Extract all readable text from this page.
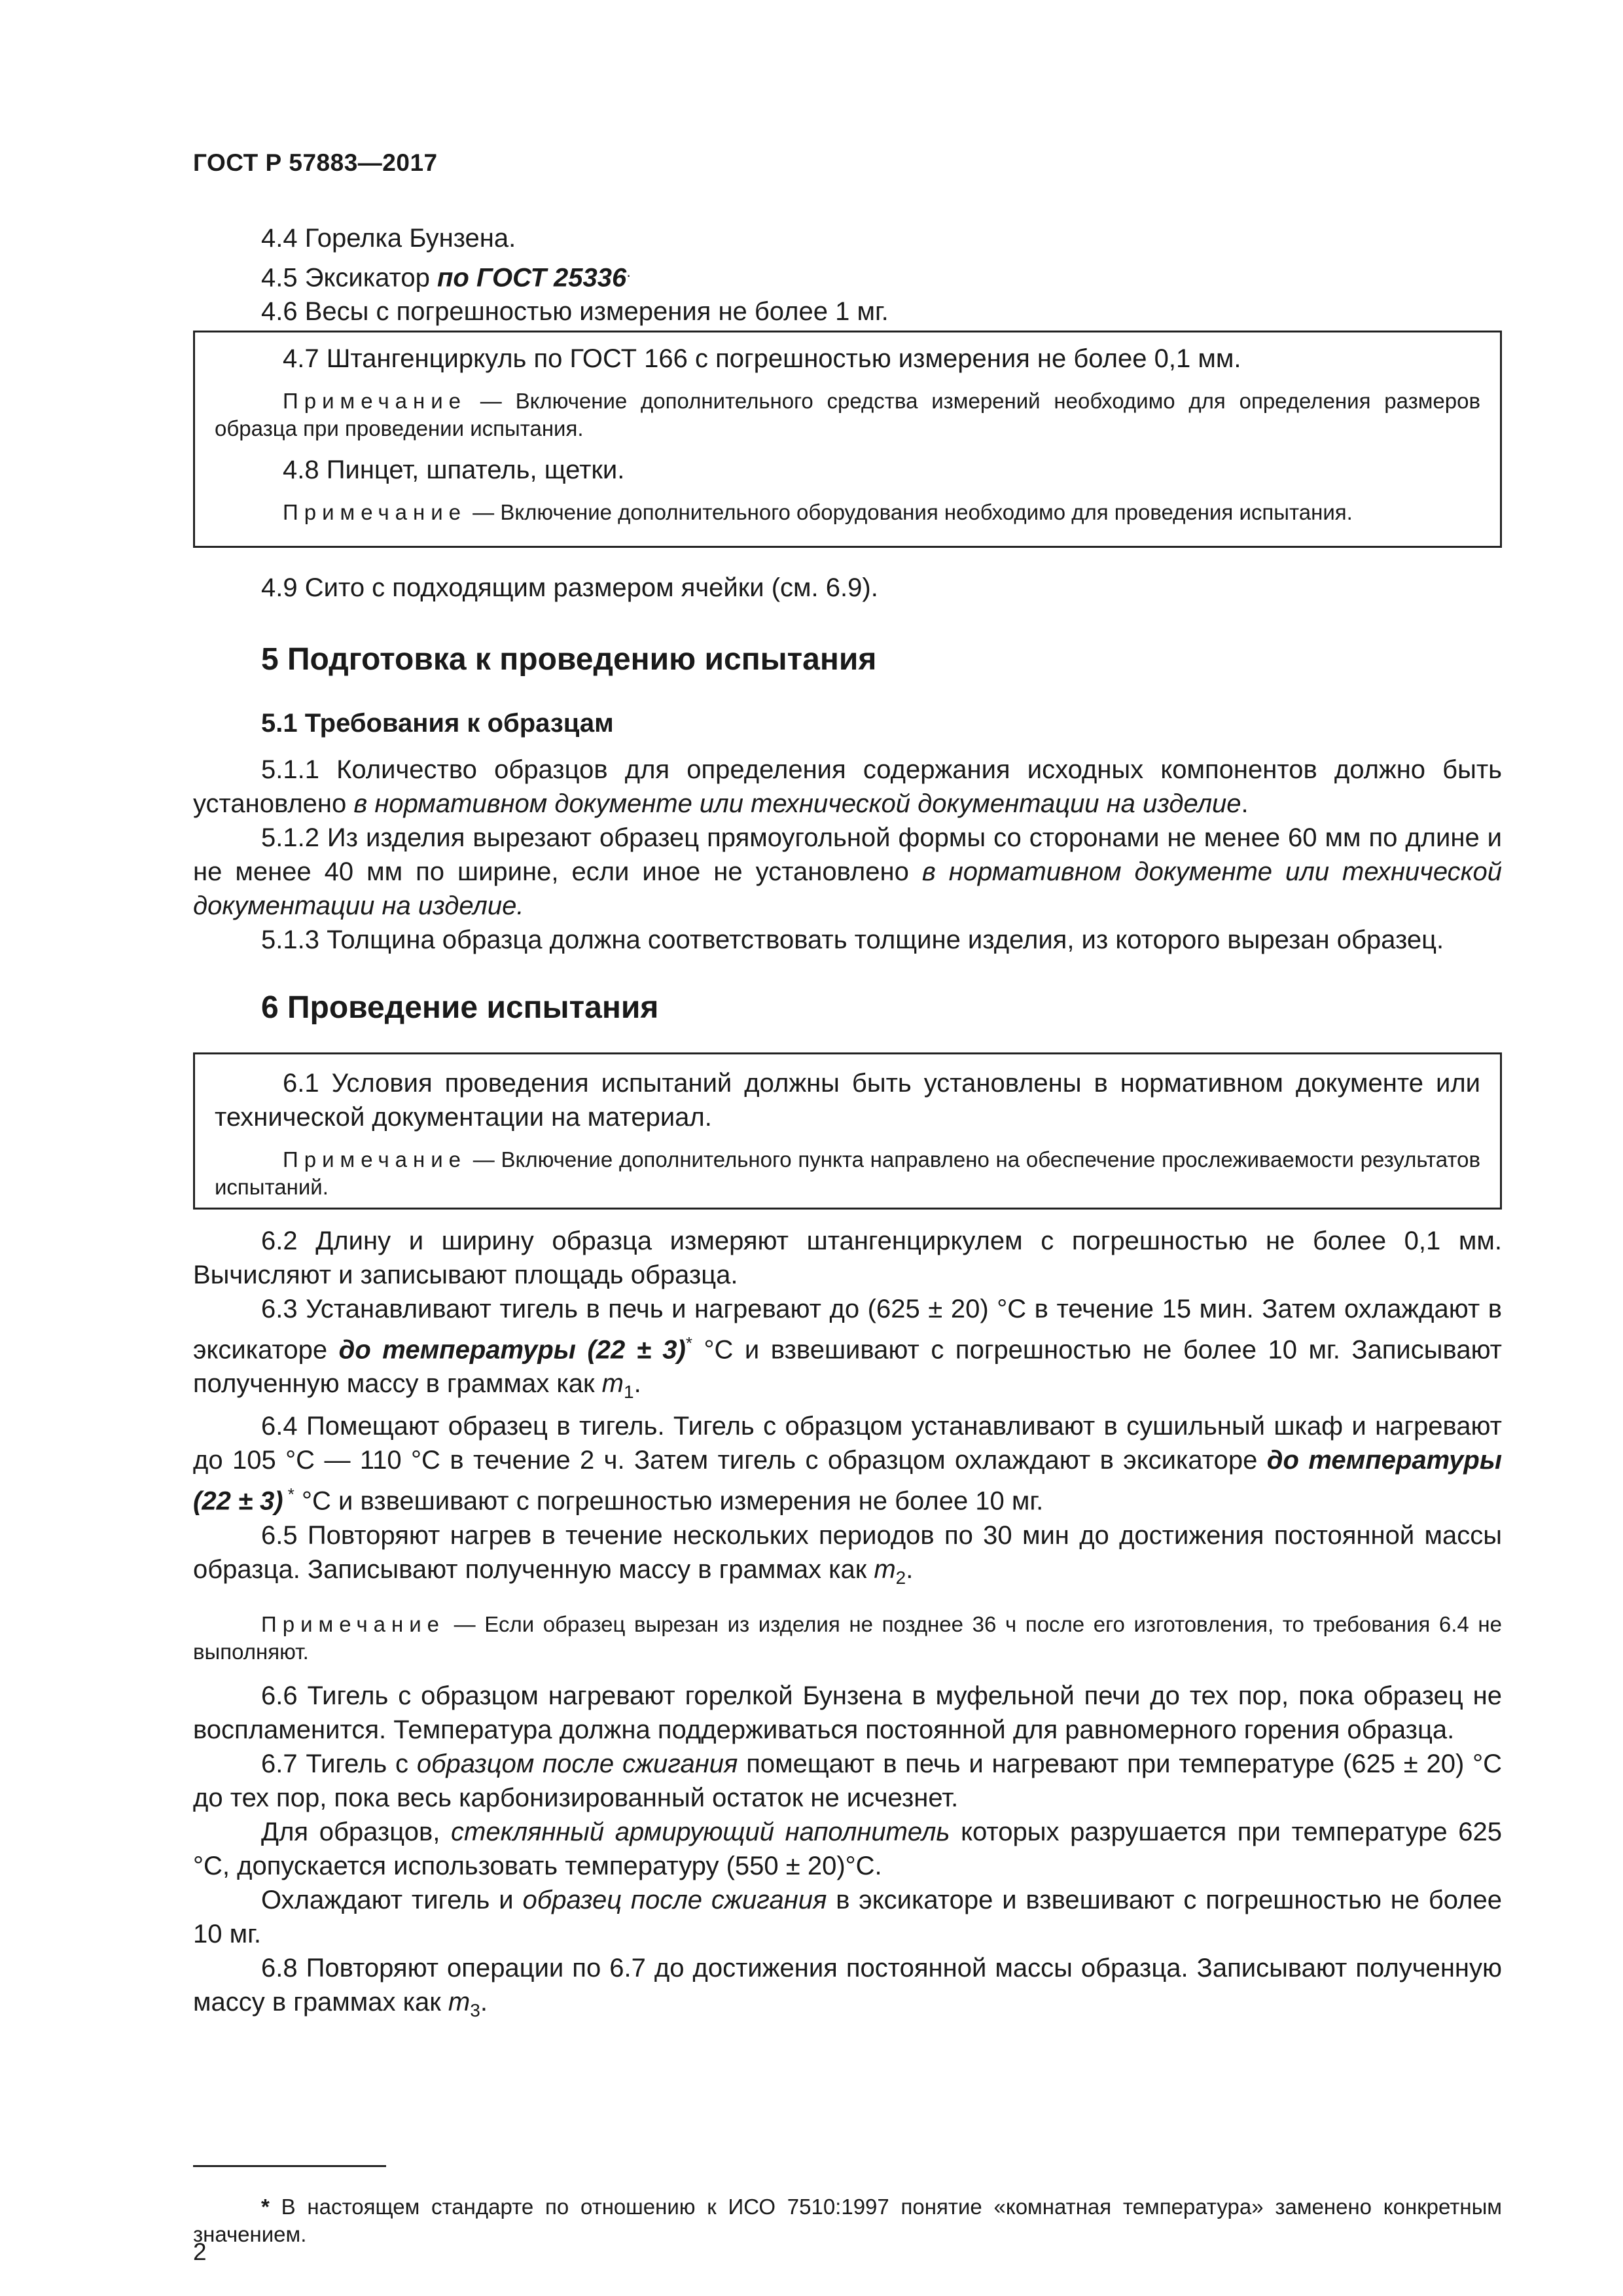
ГОСТ Р 57883—2017

4.4 Горелка Бунзена.

4.5 Эксикатор по ГОСТ 25336.

4.6 Весы с погрешностью измерения не более 1 мг.

4.7 Штангенциркуль по ГОСТ 166 с погрешностью измерения не более 0,1 мм.

Примечание — Включение дополнительного средства измерений необходимо для определения размеров образца при проведении испытания.

4.8 Пинцет, шпатель, щетки.

Примечание — Включение дополнительного оборудования необходимо для проведения испытания.

4.9 Сито с подходящим размером ячейки (см. 6.9).

5 Подготовка к проведению испытания
5.1 Требования к образцам

5.1.1 Количество образцов для определения содержания исходных компонентов должно быть установлено в нормативном документе или технической документации на изделие.

5.1.2 Из изделия вырезают образец прямоугольной формы со сторонами не менее 60 мм по длине и не менее 40 мм по ширине, если иное не установлено в нормативном документе или технической документации на изделие.

5.1.3 Толщина образца должна соответствовать толщине изделия, из которого вырезан образец.

6 Проведение испытания

6.1 Условия проведения испытаний должны быть установлены в нормативном документе или технической документации на материал.

Примечание — Включение дополнительного пункта направлено на обеспечение прослеживаемости результатов испытаний.

6.2 Длину и ширину образца измеряют штангенциркулем с погрешностью не более 0,1 мм. Вычисляют и записывают площадь образца.

6.3 Устанавливают тигель в печь и нагревают до (625 ± 20) °С в течение 15 мин. Затем охлаждают в эксикаторе до температуры (22 ± 3)* °С и взвешивают с погрешностью не более 10 мг. Записывают полученную массу в граммах как $m_1$.

6.4 Помещают образец в тигель. Тигель с образцом устанавливают в сушильный шкаф и нагревают до 105 °С — 110 °С в течение 2 ч. Затем тигель с образцом охлаждают в эксикаторе до температуры (22 ± 3) * °С и взвешивают с погрешностью измерения не более 10 мг.

6.5 Повторяют нагрев в течение нескольких периодов по 30 мин до достижения постоянной массы образца. Записывают полученную массу в граммах как $m_2$.

Примечание — Если образец вырезан из изделия не позднее 36 ч после его изготовления, то требования 6.4 не выполняют.

6.6 Тигель с образцом нагревают горелкой Бунзена в муфельной печи до тех пор, пока образец не воспламенится. Температура должна поддерживаться постоянной для равномерного горения образца.

6.7 Тигель с образцом после сжигания помещают в печь и нагревают при температуре (625 ± 20) °С до тех пор, пока весь карбонизированный остаток не исчезнет.

Для образцов, стеклянный армирующий наполнитель которых разрушается при температуре 625 °С, допускается использовать температуру (550 ± 20)°С.

Охлаждают тигель и образец после сжигания в эксикаторе и взвешивают с погрешностью не более 10 мг.

6.8 Повторяют операции по 6.7 до достижения постоянной массы образца. Записывают полученную массу в граммах как $m_3$.

* В настоящем стандарте по отношению к ИСО 7510:1997 понятие «комнатная температура» заменено конкретным значением.

2
